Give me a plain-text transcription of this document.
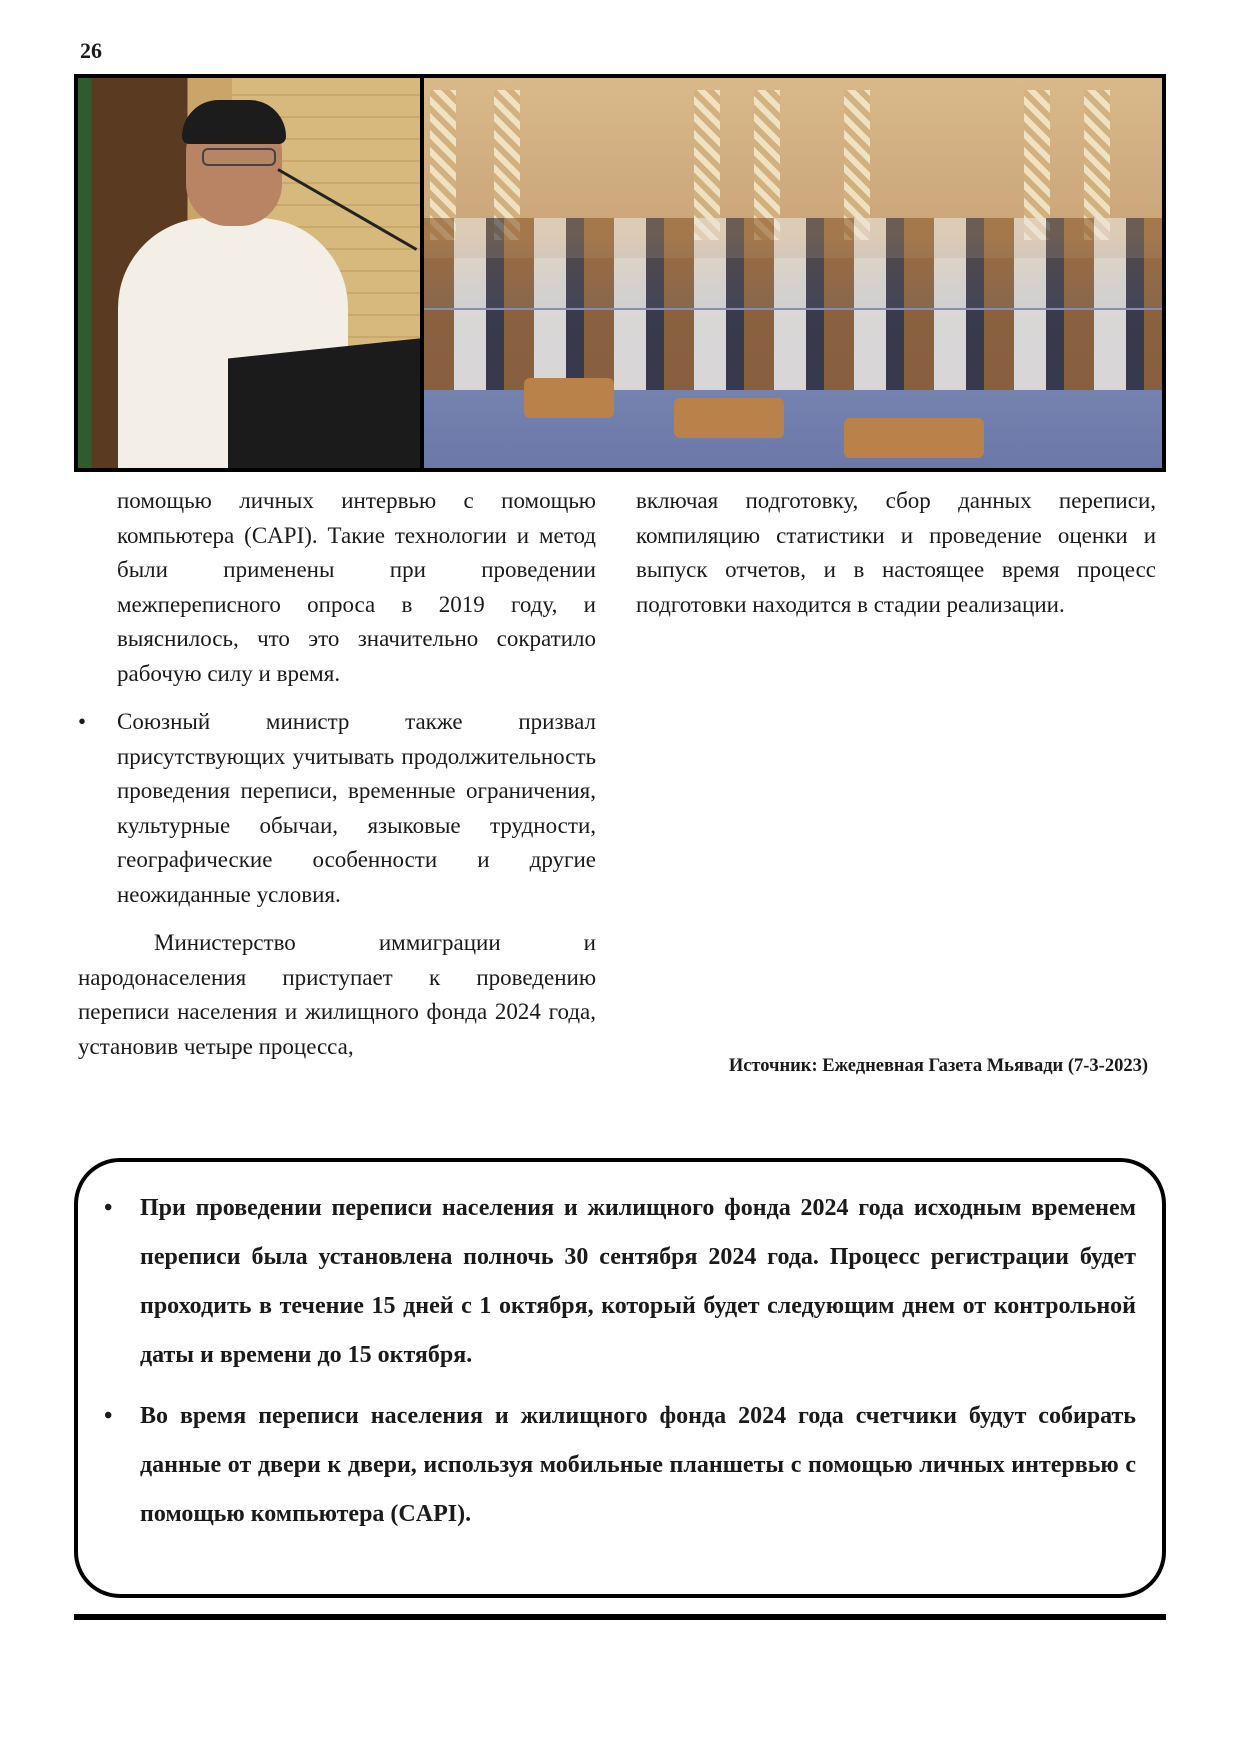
26

помощью личных интервью с помощью компьютера (CAPI). Такие технологии и метод были применены при проведении межпереписного опроса в 2019 году, и выяснилось, что это значительно сократило рабочую силу и время.

• Союзный министр также призвал присутствующих учитывать продолжительность проведения переписи, временные ограничения, культурные обычаи, языковые трудности, географические особенности и другие неожиданные условия.

Министерство иммиграции и народонаселения приступает к проведению переписи населения и жилищного фонда 2024 года, установив четыре процесса,

включая подготовку, сбор данных переписи, компиляцию статистики и проведение оценки и выпуск отчетов, и в настоящее время процесс подготовки находится в стадии реализации.

Источник: Ежедневная Газета Мьявади (7-3-2023)
• При проведении переписи населения и жилищного фонда 2024 года исходным временем переписи была установлена полночь 30 сентября 2024 года. Процесс регистрации будет проходить в течение 15 дней с 1 октября, который будет следующим днем от контрольной даты и времени до 15 октября.
• Во время переписи населения и жилищного фонда 2024 года счетчики будут собирать данные от двери к двери, используя мобильные планшеты с помощью личных интервью с помощью компьютера (CAPI).
